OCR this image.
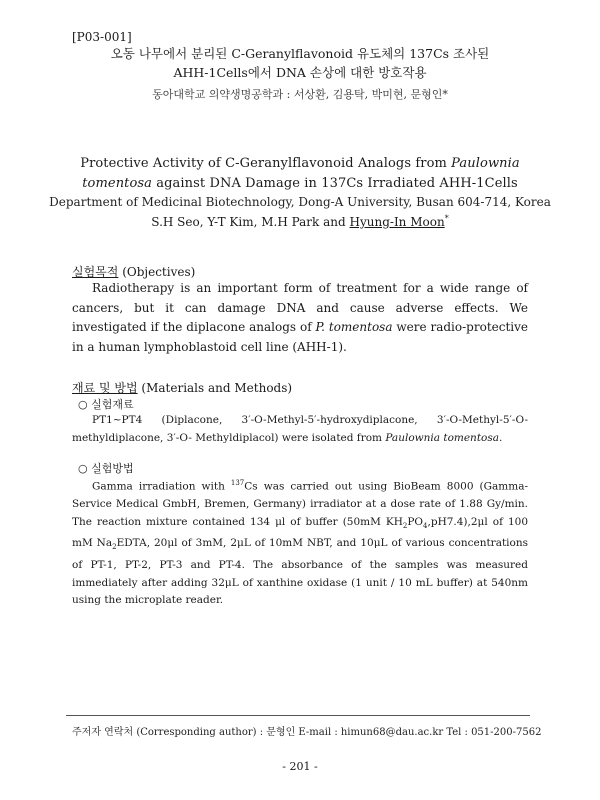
[P03-001]
오동 나무에서 분리된 C-Geranylflavonoid 유도체의 137Cs 조사된
AHH-1Cells에서 DNA 손상에 대한 방호작용
동아대학교 의약생명공학과 : 서상환, 김용탁, 박미현, 문형인*
Protective Activity of C-Geranylflavonoid Analogs from Paulownia
tomentosa against DNA Damage in 137Cs Irradiated AHH-1Cells
Department of Medicinal Biotechnology, Dong-A University, Busan 604-714, Korea
S.H Seo, Y-T Kim, M.H Park and Hyung-In Moon*
실험목적 (Objectives)
Radiotherapy is an important form of treatment for a wide range of cancers, but it can damage DNA and cause adverse effects. We investigated if the diplacone analogs of P. tomentosa were radio-protective in a human lymphoblastoid cell line (AHH-1).
재료 및 방법 (Materials and Methods)
○ 실험재료
PT1~PT4 (Diplacone, 3′-O-Methyl-5′-hydroxydiplacone, 3′-O-Methyl-5′-O-methyldiplacone, 3′-O- Methyldiplacol) were isolated from Paulownia tomentosa.
○ 실험방법
Gamma irradiation with $^{137}$Cs was carried out using BioBeam 8000 (Gamma-Service Medical GmbH, Bremen, Germany) irradiator at a dose rate of 1.88 Gy/min. The reaction mixture contained 134 μl of buffer (50mM $KH_2PO_4,pH7.4),2\mu l$ of 100 mM $Na_2EDTA$, 20μl of 3mM, 2μL of 10mM NBT, and 10μL of various concentrations of PT-1, PT-2, PT-3 and PT-4. The absorbance of the samples was measured immediately after adding 32μL of xanthine oxidase (1 unit / 10 mL buffer) at 540nm using the microplate reader.
주저자 연락처 (Corresponding author) : 문형인 E-mail : himun68@dau.ac.kr Tel : 051-200-7562
- 201 -
